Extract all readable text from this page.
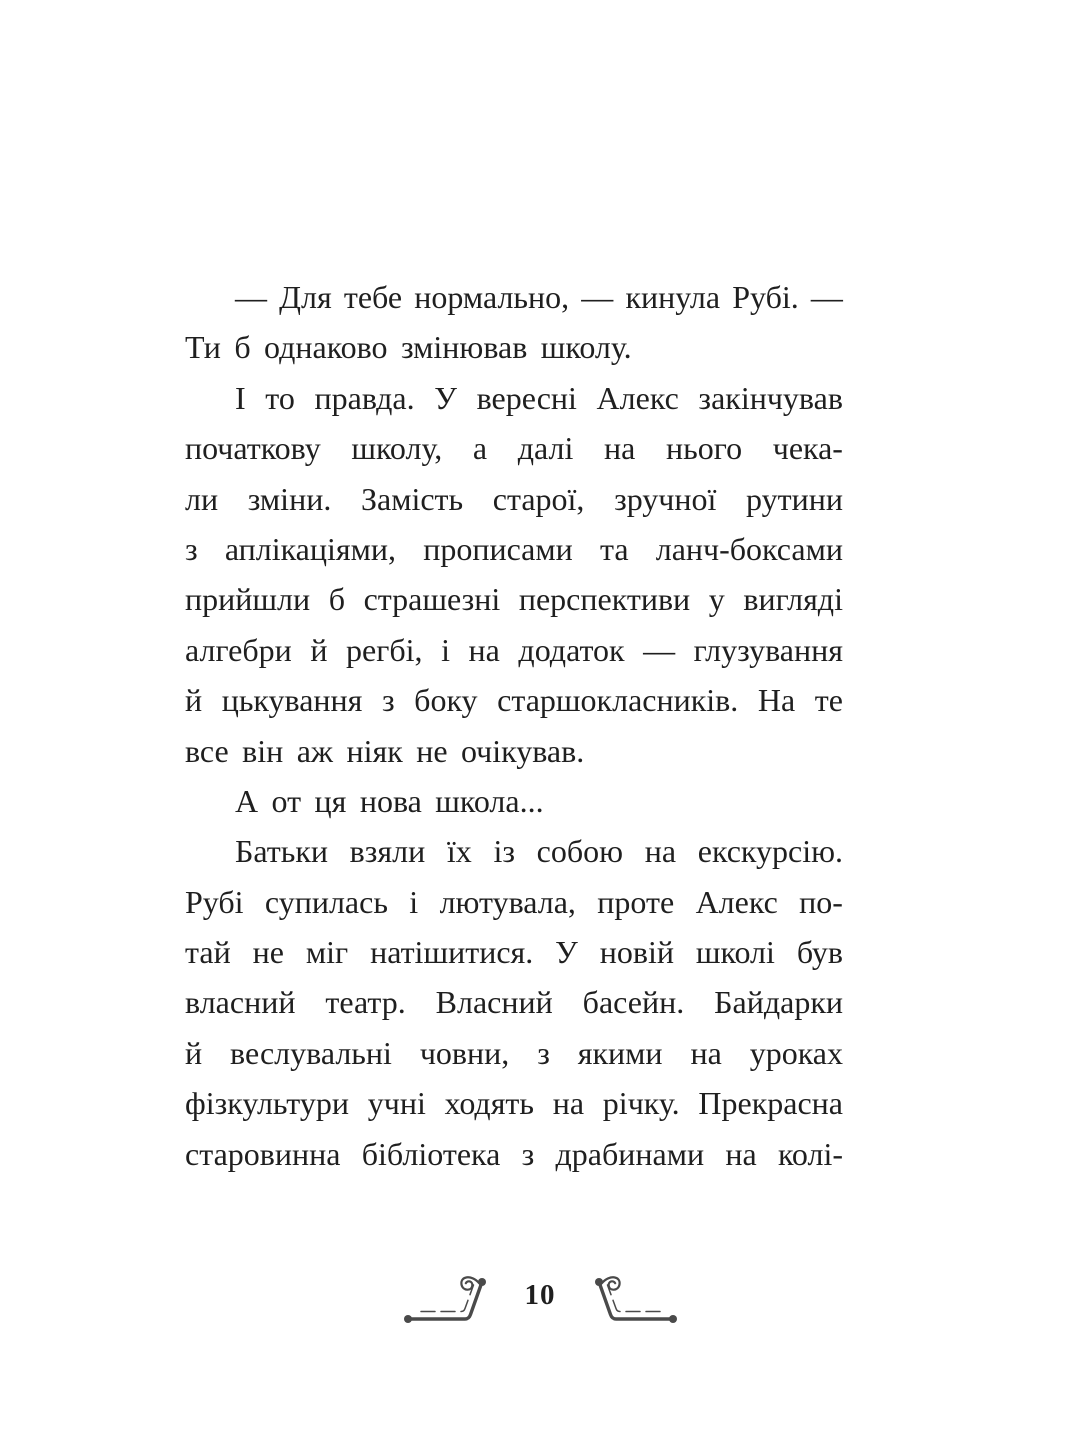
— Для тебе нормально, — кинула Рубі. —
Ти б однаково змінював школу.
І то правда. У вересні Алекс закінчував
початкову школу, а далі на нього чека-
ли зміни. Замість старої, зручної рутини
з аплікаціями, прописами та ланч-боксами
прийшли б страшезні перспективи у вигляді
алгебри й регбі, і на додаток — глузування
й цькування з боку старшокласників. На те
все він аж ніяк не очікував.
А от ця нова школа...
Батьки взяли їх із собою на екскурсію.
Рубі супилась і лютувала, проте Алекс по-
тай не міг натішитися. У новій школі був
власний театр. Власний басейн. Байдарки
й веслувальні човни, з якими на уроках
фізкультури учні ходять на річку. Прекрасна
старовинна бібліотека з драбинами на колі-
10
